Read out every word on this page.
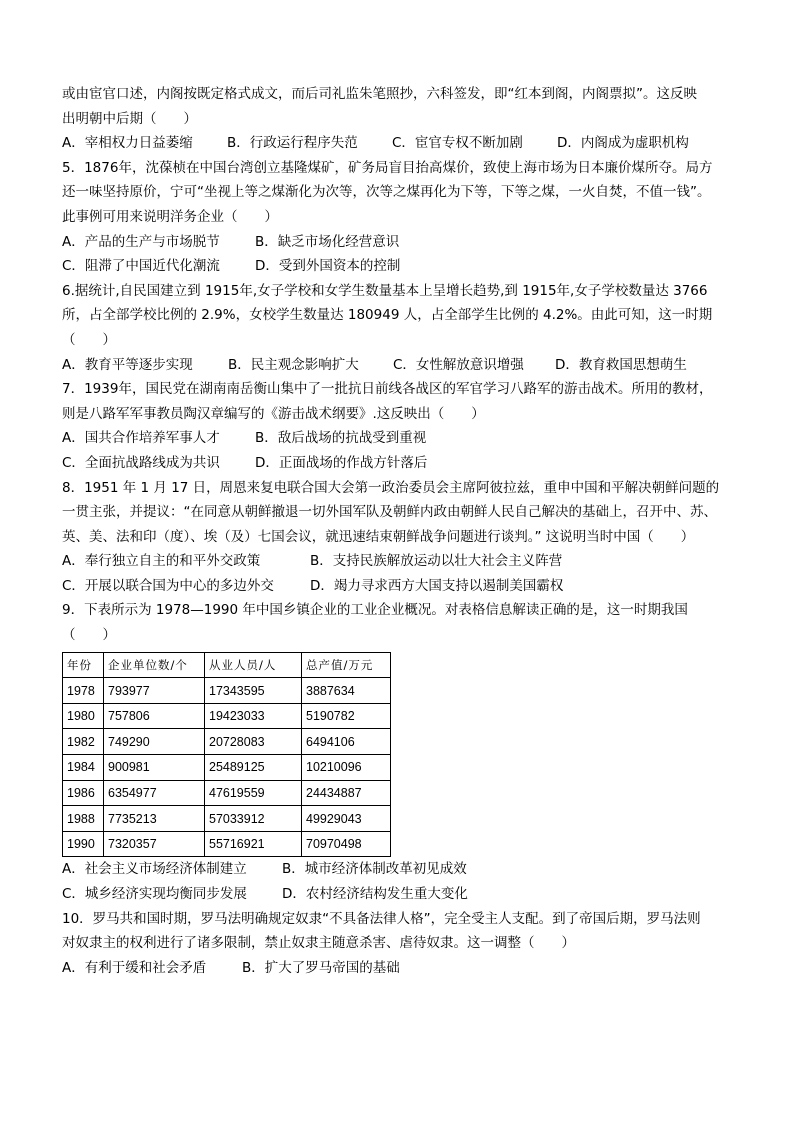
或由宦官口述，内阁按既定格式成文，而后司礼监朱笔照抄，六科签发，即“红本到阁，内阁票拟”。这反映
出明朝中后期（　　）
A．宰相权力日益萎缩	B．行政运行程序失范	C．宦官专权不断加剧	D．内阁成为虚职机构
5．1876年，沈葆桢在中国台湾创立基隆煤矿，矿务局盲目抬高煤价，致使上海市场为日本廉价煤所夺。局方
还一味坚持原价，宁可“坐视上等之煤渐化为次等，次等之煤再化为下等，下等之煤，一火自焚，不值一钱”。
此事例可用来说明洋务企业（　　）
A．产品的生产与市场脱节	B．缺乏市场化经营意识
C．阻滞了中国近代化潮流	D．受到外国资本的控制
6.据统计,自民国建立到 1915年,女子学校和女学生数量基本上呈增长趋势,到 1915年,女子学校数量达 3766
所，占全部学校比例的 2.9%，女校学生数量达 180949 人，占全部学生比例的 4.2%。由此可知，这一时期
（　　）
A．教育平等逐步实现	B．民主观念影响扩大	C．女性解放意识增强 D．教育救国思想萌生
7．1939年，国民党在湖南南岳衡山集中了一批抗日前线各战区的军官学习八路军的游击战术。所用的教材，
则是八路军军事教员陶汉章编写的《游击战术纲要》.这反映出（　　）
A．国共合作培养军事人才	B．敌后战场的抗战受到重视
C．全面抗战路线成为共识	D．正面战场的作战方针落后
8．1951 年 1 月 17 日，周恩来复电联合国大会第一政治委员会主席阿彼拉兹，重申中国和平解决朝鲜问题的
一贯主张，并提议：“在同意从朝鲜撤退一切外国军队及朝鲜内政由朝鲜人民自己解决的基础上，召开中、苏、
英、美、法和印（度）、埃（及）七国会议，就迅速结束朝鲜战争问题进行谈判。” 这说明当时中国（　　）
A．奉行独立自主的和平外交政策	B．支持民族解放运动以壮大社会主义阵营
C．开展以联合国为中心的多边外交	D．竭力寻求西方大国支持以遏制美国霸权
9．下表所示为 1978—1990 年中国乡镇企业的工业企业概况。对表格信息解读正确的是，这一时期我国
（　　）
年份	企业单位数/个	从业人员/人	总产值/万元
1978	793977	17343595	3887634
1980	757806	19423033	5190782
1982	749290	20728083	6494106
1984	900981	25489125	10210096
1986	6354977	47619559	24434887
1988	7735213	57033912	49929043
1990	7320357	55716921	70970498
A．社会主义市场经济体制建立	B．城市经济体制改革初见成效
C．城乡经济实现均衡同步发展	D．农村经济结构发生重大变化
10．罗马共和国时期，罗马法明确规定奴隶“不具备法律人格”，完全受主人支配。到了帝国后期，罗马法则
对奴隶主的权利进行了诸多限制，禁止奴隶主随意杀害、虐待奴隶。这一调整（　　）
A．有利于缓和社会矛盾	B．扩大了罗马帝国的基础
